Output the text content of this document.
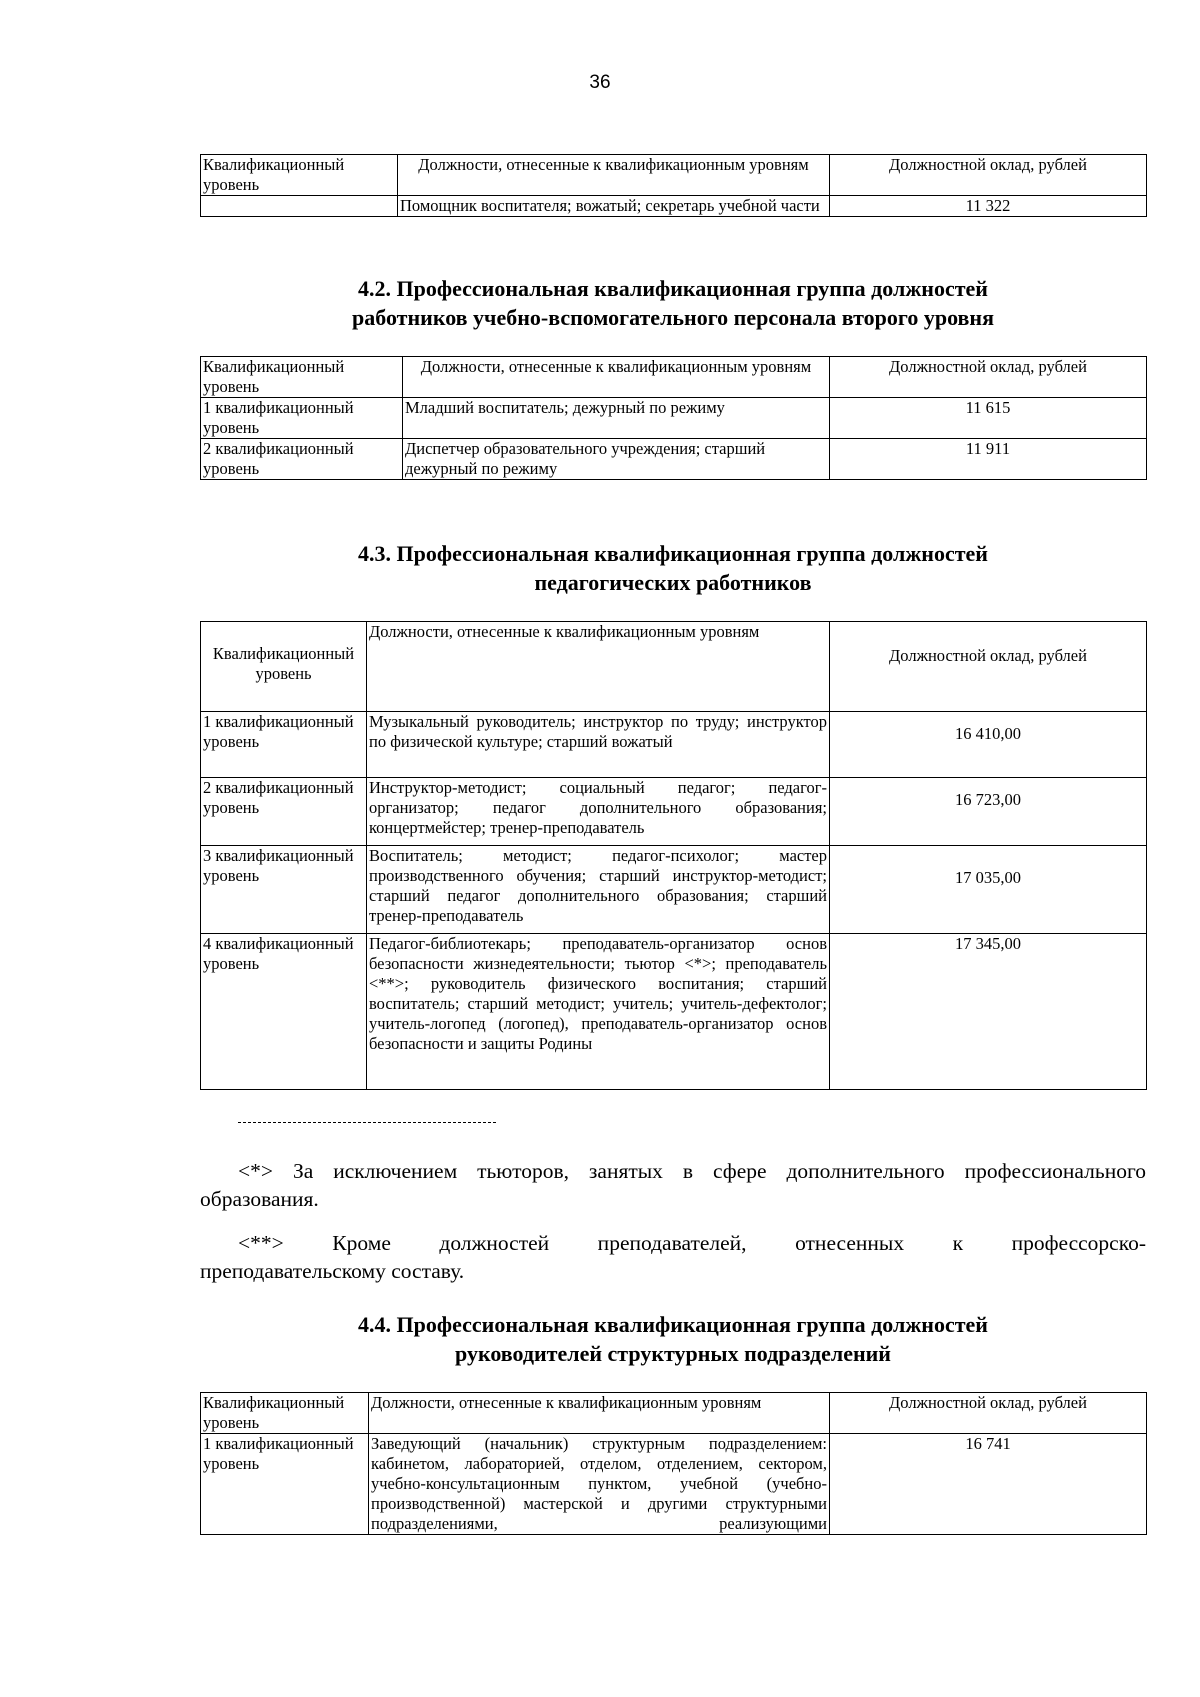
36
Квалификационный уровень	Должности, отнесенные к квалификационным уровням	Должностной оклад, рублей
	Помощник воспитателя; вожатый; секретарь учебной части	11 322
4.2. Профессиональная квалификационная группа должностей
работников учебно-вспомогательного персонала второго уровня
Квалификационный уровень	Должности, отнесенные к квалификационным уровням	Должностной оклад, рублей
1 квалификационный уровень	Младший воспитатель; дежурный по режиму	11 615
2 квалификационный уровень	Диспетчер образовательного учреждения; старший дежурный по режиму	11 911
4.3. Профессиональная квалификационная группа должностей
педагогических работников
Квалификационный уровень	Должности, отнесенные к квалификационным уровням	Должностной оклад, рублей
1 квалификационный уровень	Музыкальный руководитель; инструктор по труду; инструктор по физической культуре; старший вожатый	16 410,00
2 квалификационный уровень	Инструктор-методист; социальный педагог; педагог-организатор; педагог дополнительного образования; концертмейстер; тренер-преподаватель	16 723,00
3 квалификационный уровень	Воспитатель; методист; педагог-психолог; мастер производственного обучения; старший инструктор-методист; старший педагог дополнительного образования; старший тренер-преподаватель	17 035,00
4 квалификационный уровень	Педагог-библиотекарь; преподаватель-организатор основ безопасности жизнедеятельности; тьютор <*>; преподаватель <**>; руководитель физического воспитания; старший воспитатель; старший методист; учитель; учитель-дефектолог; учитель-логопед (логопед), преподаватель-организатор основ безопасности и защиты Родины	17 345,00
<*> За исключением тьюторов, занятых в сфере дополнительного профессионального образования.
<**> Кроме должностей преподавателей, отнесенных к профессорско-
преподавательскому составу.
4.4. Профессиональная квалификационная группа должностей
руководителей структурных подразделений
Квалификационный уровень	Должности, отнесенные к квалификационным уровням	Должностной оклад, рублей
1 квалификационный уровень	Заведующий (начальник) структурным подразделением: кабинетом, лабораторией, отделом, отделением, сектором, учебно-консультационным пунктом, учебной (учебно-производственной) мастерской и другими структурными подразделениями, реализующими	16 741
